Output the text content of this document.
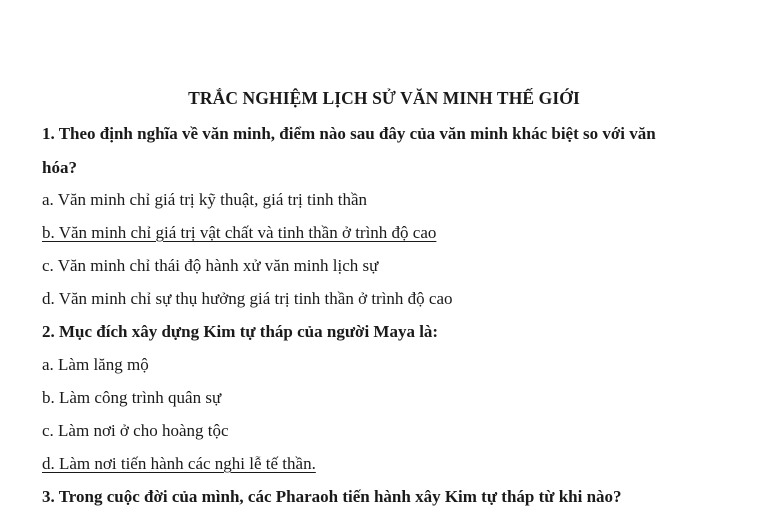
TRẮC NGHIỆM LỊCH SỬ VĂN MINH THẾ GIỚI
1. Theo định nghĩa về văn minh, điểm nào sau đây của văn minh khác biệt so với văn
hóa?
a. Văn minh chỉ giá trị kỹ thuật, giá trị tinh thần
b. Văn minh chỉ giá trị vật chất và tinh thần ở trình độ cao
c. Văn minh chỉ thái độ hành xử văn minh lịch sự
d. Văn minh chỉ sự thụ hưởng giá trị tinh thần ở trình độ cao
2. Mục đích xây dựng Kim tự tháp của người Maya là:
a. Làm lăng mộ
b. Làm công trình quân sự
c. Làm nơi ở cho hoàng tộc
d. Làm nơi tiến hành các nghi lễ tế thần.
3. Trong cuộc đời của mình, các Pharaoh tiến hành xây Kim tự tháp từ khi nào?
